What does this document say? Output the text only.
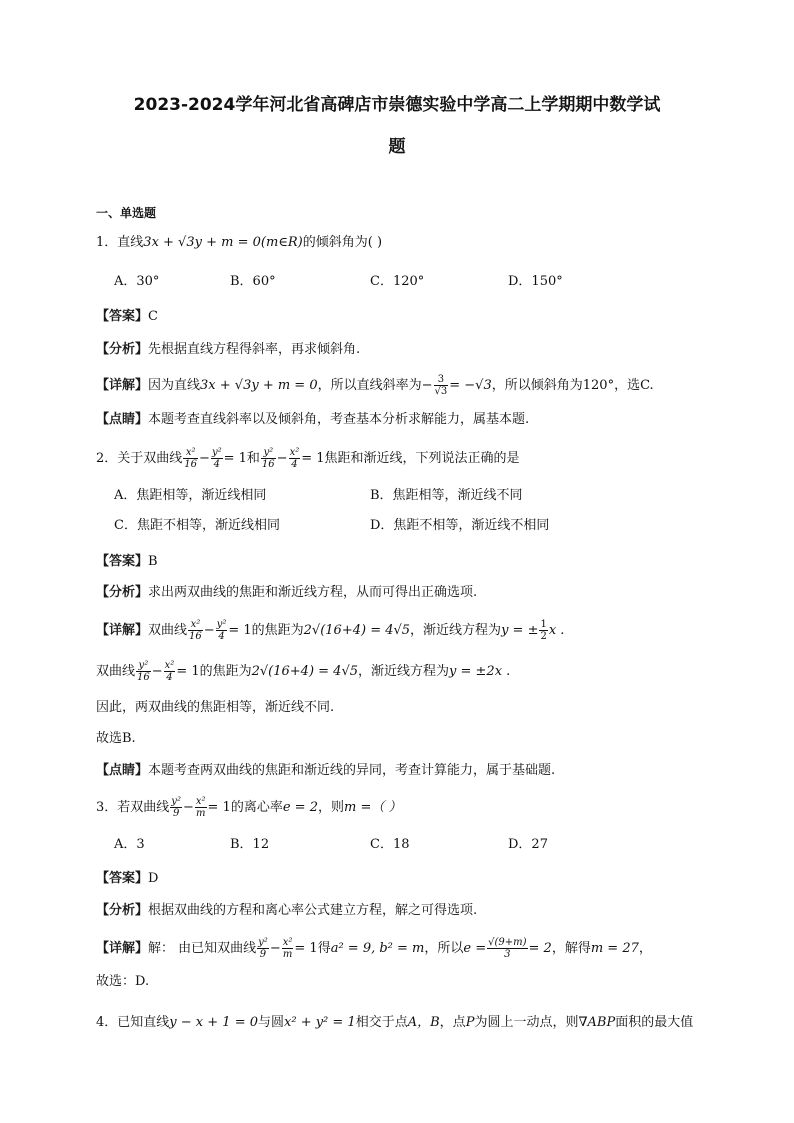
2023-2024学年河北省高碑店市崇德实验中学高二上学期期中数学试
题
一、单选题
1．直线3x + √3y + m = 0(m∈R)的倾斜角为( )
A．30°	B．60°	C．120°	D．150°
【答案】C
【分析】先根据直线方程得斜率，再求倾斜角.
【详解】因为直线3x + √3y + m = 0，所以直线斜率为− $\frac{3}{√3} = -√3$，所以倾斜角为120°，选C.
【点睛】本题考查直线斜率以及倾斜角，考查基本分析求解能力，属基本题.
2．关于双曲线 $\frac{\text{x²}}{16} - \frac{\text{y²}}{4} = 1$和 $\frac{\text{y²}}{16} - \frac{\text{x²}}{4} = 1$焦距和渐近线，下列说法正确的是
A．焦距相等，渐近线相同	B．焦距相等，渐近线不同
C．焦距不相等，渐近线相同	D．焦距不相等，渐近线不相同
【答案】B
【分析】求出两双曲线的焦距和渐近线方程，从而可得出正确选项.
【详解】双曲线 $\frac{\text{x²}}{16} - \frac{\text{y²}}{4} = 1$的焦距为2√(16+4) = 4√5，渐近线方程为y = ± $\frac{1}{2}$ x .
双曲线 $\frac{\text{y²}}{16} - \frac{\text{x²}}{4} = 1$的焦距为2√(16+4) = 4√5，渐近线方程为y = ±2x .
因此，两双曲线的焦距相等，渐近线不同.
故选B.
【点睛】本题考查两双曲线的焦距和渐近线的异同，考查计算能力，属于基础题.
3．若双曲线 $\frac{\text{y²}}{9} - \frac{\text{x²}}{m} = 1$的离心率e = 2，则m =（ ）
A．3	B．12	C．18	D．27
【答案】D
【分析】根据双曲线的方程和离心率公式建立方程，解之可得选项.
【详解】解： 由已知双曲线 $\frac{\text{y²}}{9} - \frac{\text{x²}}{m} = 1$得a² = 9, b² = m，所以$e = \frac{√(9+m)}{3} = 2$，解得m = 27，
故选：D.
4．已知直线y − x + 1 = 0与圆x² + y² = 1相交于点A，B，点P为圆上一动点，则∇ABP面积的最大值
